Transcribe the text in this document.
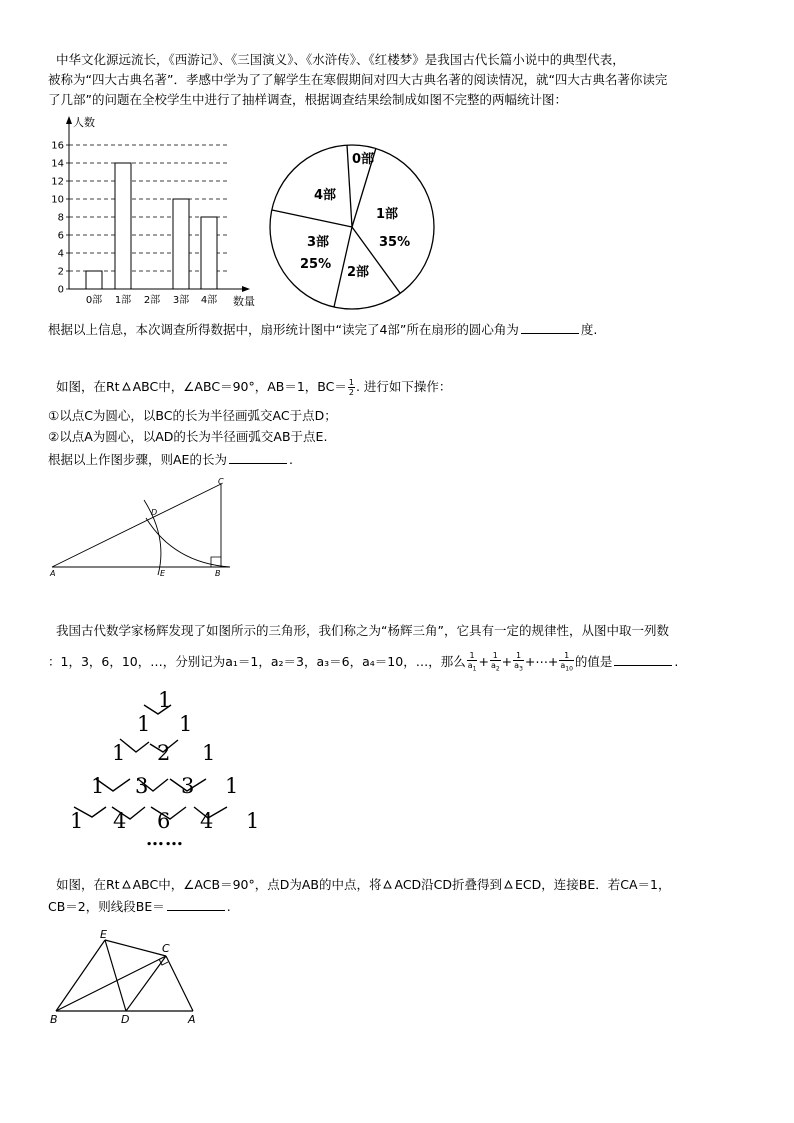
中华文化源远流长，《西游记》、《三国演义》、《水浒传》、《红楼梦》是我国古代长篇小说中的典型代表，
被称为“四大古典名著”．孝感中学为了了解学生在寒假期间对四大古典名著的阅读情况，就“四大古典名著你读完
了几部”的问题在全校学生中进行了抽样调查，根据调查结果绘制成如图不完整的两幅统计图：
人数
数量
0
2
4
6
8
10
12
14
16
0部 1部 2部 3部 4部
0部
1部
35%
2部
3部
25%
4部
根据以上信息，本次调查所得数据中，扇形统计图中“读完了4部”所在扇形的圆心角为	度.
如图，在Rt ABC中，∠ABC＝90°，AB＝1，$BC= \frac{1}{2}$ . 进行如下操作：
①以点C为圆心，以BC的长为半径画弧交AC于点D；
②以点A为圆心，以AD的长为半径画弧交AB于点E.
根据以上作图步骤，则AE的长为	.
A	B
C
D
E
我国古代数学家杨辉发现了如图所示的三角形，我们称之为“杨辉三角”，它具有一定的规律性，从图中取一列数
：1，3，6，10，…，分别记为a₁＝1，a₂＝3，a₃＝6，a₄＝10，…，那么 $\frac{1}{a_1} + \frac{1}{a_2} + \frac{1}{a_3}$ +⋯+ $\frac{1}{a_{10}}$ 的值是	.
1
1 1
1 2 1
1 3 3 1
1 4 6 4 1
……
如图，在Rt ABC中，∠ACB＝90°，点D为AB的中点，将 ACD沿CD折叠得到 ECD，连接BE．若CA＝1，
CB＝2，则线段BE＝	.
E
C
B	D	A
